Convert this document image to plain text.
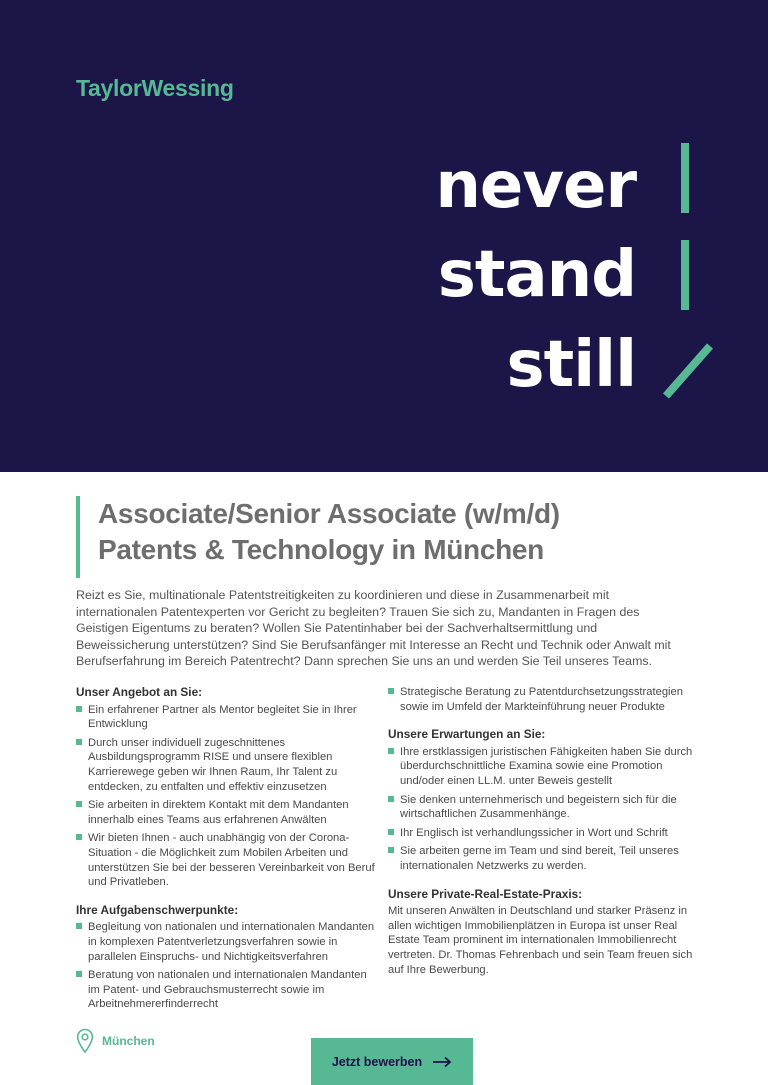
TaylorWessing
never
stand
still
Associate/Senior Associate (w/m/d)
Patents & Technology in München

Reizt es Sie, multinationale Patentstreitigkeiten zu koordinieren und diese in Zusammenarbeit mit internationalen Patentexperten vor Gericht zu begleiten? Trauen Sie sich zu, Mandanten in Fragen des Geistigen Eigentums zu beraten? Wollen Sie Patentinhaber bei der Sachverhaltsermittlung und Beweissicherung unterstützen? Sind Sie Berufsanfänger mit Interesse an Recht und Technik oder Anwalt mit Berufserfahrung im Bereich Patentrecht? Dann sprechen Sie uns an und werden Sie Teil unseres Teams.

Unser Angebot an Sie:
Ein erfahrener Partner als Mentor begleitet Sie in Ihrer Entwicklung
Durch unser individuell zugeschnittenes Ausbildungsprogramm RISE und unsere flexiblen Karrierewege geben wir Ihnen Raum, Ihr Talent zu entdecken, zu entfalten und effektiv einzusetzen
Sie arbeiten in direktem Kontakt mit dem Mandanten innerhalb eines Teams aus erfahrenen Anwälten
Wir bieten Ihnen - auch unabhängig von der Corona-Situation - die Möglichkeit zum Mobilen Arbeiten und unterstützen Sie bei der besseren Vereinbarkeit von Beruf und Privatleben.
Ihre Aufgabenschwerpunkte:
Begleitung von nationalen und internationalen Mandanten in komplexen Patentverletzungsverfahren sowie in parallelen Einspruchs- und Nichtigkeitsverfahren
Beratung von nationalen und internationalen Mandanten im Patent- und Gebrauchsmusterrecht sowie im Arbeitnehmererfinderrecht
Strategische Beratung zu Patentdurchsetzungsstrategien sowie im Umfeld der Markteinführung neuer Produkte
Unsere Erwartungen an Sie:
Ihre erstklassigen juristischen Fähigkeiten haben Sie durch überdurchschnittliche Examina sowie eine Promotion und/oder einen LL.M. unter Beweis gestellt
Sie denken unternehmerisch und begeistern sich für die wirtschaftlichen Zusammenhänge.
Ihr Englisch ist verhandlungssicher in Wort und Schrift
Sie arbeiten gerne im Team und sind bereit, Teil unseres internationalen Netzwerks zu werden.
Unsere Private-Real-Estate-Praxis:

Mit unseren Anwälten in Deutschland und starker Präsenz in allen wichtigen Immobilienplätzen in Europa ist unser Real Estate Team prominent im internationalen Immobilienrecht vertreten. Dr. Thomas Fehrenbach und sein Team freuen sich auf Ihre Bewerbung.

München
Jetzt bewerben
